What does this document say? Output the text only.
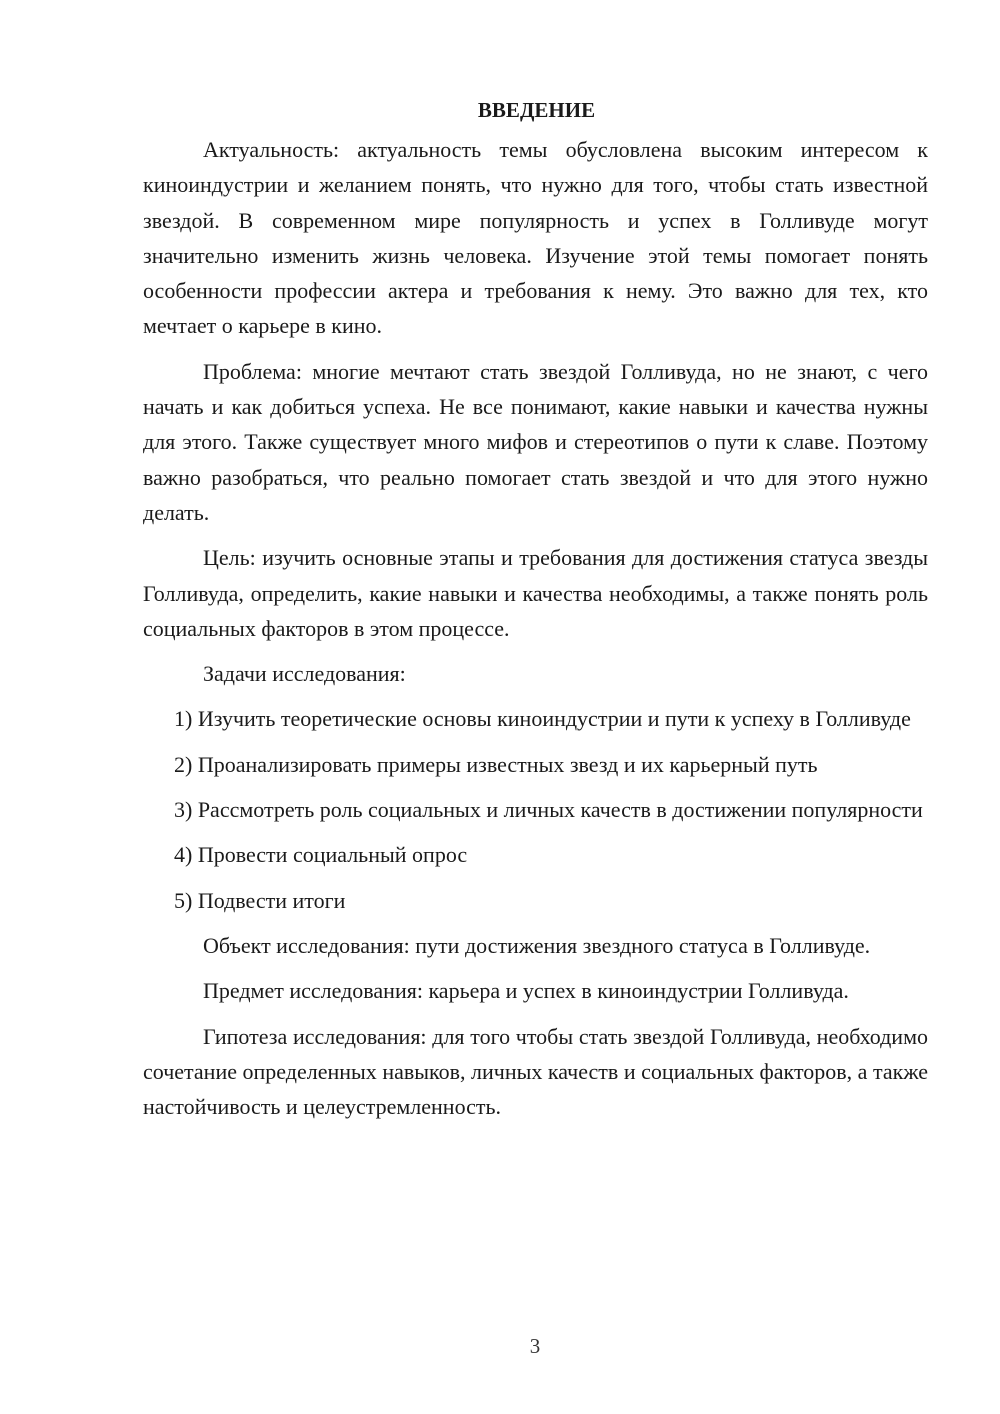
ВВЕДЕНИЕ

Актуальность: актуальность темы обусловлена высоким интересом к киноиндустрии и желанием понять, что нужно для того, чтобы стать известной звездой. В современном мире популярность и успех в Голливуде могут значительно изменить жизнь человека. Изучение этой темы помогает понять особенности профессии актера и требования к нему. Это важно для тех, кто мечтает о карьере в кино.

Проблема: многие мечтают стать звездой Голливуда, но не знают, с чего начать и как добиться успеха. Не все понимают, какие навыки и качества нужны для этого. Также существует много мифов и стереотипов о пути к славе. Поэтому важно разобраться, что реально помогает стать звездой и что для этого нужно делать.

Цель: изучить основные этапы и требования для достижения статуса звезды Голливуда, определить, какие навыки и качества необходимы, а также понять роль социальных факторов в этом процессе.

Задачи исследования:

1) Изучить теоретические основы киноиндустрии и пути к успеху в Голливуде

2) Проанализировать примеры известных звезд и их карьерный путь

3) Рассмотреть роль социальных и личных качеств в достижении популярности

4) Провести социальный опрос

5) Подвести итоги

Объект исследования: пути достижения звездного статуса в Голливуде.

Предмет исследования: карьера и успех в киноиндустрии Голливуда.

Гипотеза исследования: для того чтобы стать звездой Голливуда, необходимо сочетание определенных навыков, личных качеств и социальных факторов, а также настойчивость и целеустремленность.

3
